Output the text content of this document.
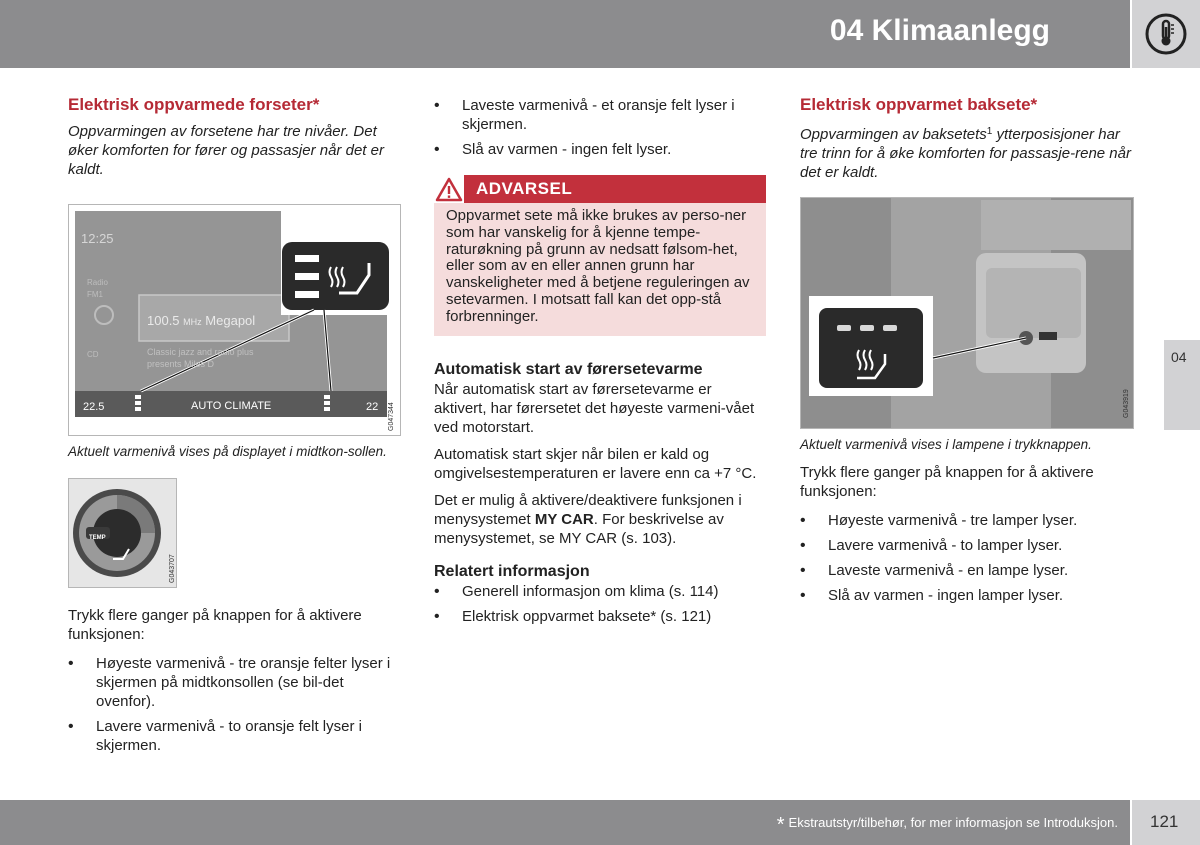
04 Klimaanlegg
04
Elektrisk oppvarmede forseter*

Oppvarmingen av forsetene har tre nivåer. Det øker komforten for fører og passasjer når det er kaldt.

12:25
Radio
FM1
CD
100.5 MHz Megapol
Classic jazz and radio plus
presents Miles D
22.5	AUTO CLIMATE	22	G047344

Aktuelt varmenivå vises på displayet i midtkon-sollen.

TEMP
G043707

Trykk flere ganger på knappen for å aktivere funksjonen:

• Høyeste varmenivå - tre oransje felter lyser i skjermen på midtkonsollen (se bil-det ovenfor).
• Lavere varmenivå - to oransje felt lyser i skjermen.
• Laveste varmenivå - et oransje felt lyser i skjermen.
• Slå av varmen - ingen felt lyser.
ADVARSEL
Oppvarmet sete må ikke brukes av perso-ner som har vanskelig for å kjenne tempe-raturøkning på grunn av nedsatt følsom-het, eller som av en eller annen grunn har vanskeligheter med å betjene reguleringen av setevarmen. I motsatt fall kan det opp-stå forbrenninger.
Automatisk start av førersetevarme

Når automatisk start av førersetevarme er aktivert, har førersetet det høyeste varmeni-vået ved motorstart.

Automatisk start skjer når bilen er kald og omgivelsestemperaturen er lavere enn ca +7 °C.

Det er mulig å aktivere/deaktivere funksjonen i menysystemet MY CAR. For beskrivelse av menysystemet, se MY CAR (s. 103).

Relatert informasjon
• Generell informasjon om klima (s. 114)
• Elektrisk oppvarmet baksete* (s. 121)
Elektrisk oppvarmet baksete*

Oppvarmingen av baksetets$^1$ ytterposisjoner har tre trinn for å øke komforten for passasje-rene når det er kaldt.

G043919

Aktuelt varmenivå vises i lampene i trykknappen.

Trykk flere ganger på knappen for å aktivere funksjonen:

• Høyeste varmenivå - tre lamper lyser.
• Lavere varmenivå - to lamper lyser.
• Laveste varmenivå - en lampe lyser.
• Slå av varmen - ingen lamper lyser.
* Ekstrautstyr/tilbehør, for mer informasjon se Introduksjon. 121
